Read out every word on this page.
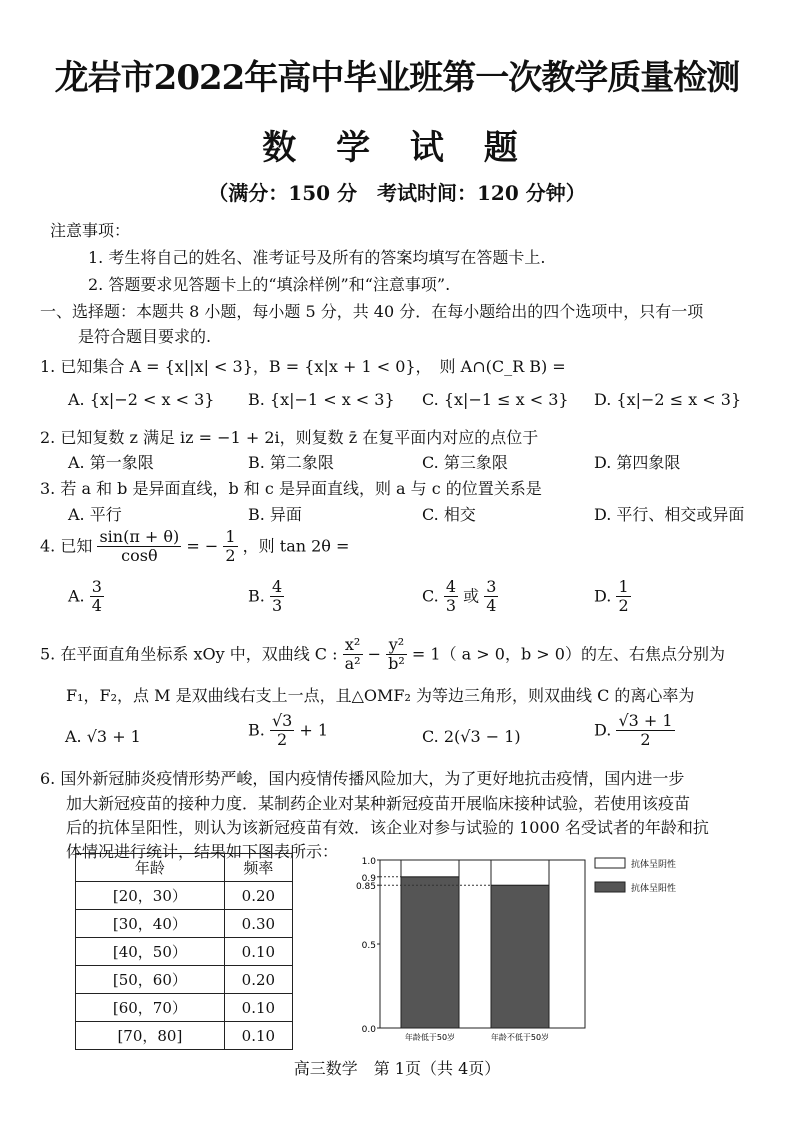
龙岩市2022年高中毕业班第一次教学质量检测
数 学 试 题
（满分：150 分　考试时间：120 分钟）
注意事项：
1. 考生将自己的姓名、准考证号及所有的答案均填写在答题卡上.
2. 答题要求见答题卡上的“填涂样例”和“注意事项”.
一、选择题：本题共 8 小题，每小题 5 分，共 40 分．在每小题给出的四个选项中，只有一项
是符合题目要求的.
1. 已知集合 A = {x||x| < 3}，B = {x|x + 1 < 0}，　则 A∩(C_R B) =
A. {x|−2 < x < 3} B. {x|−1 < x < 3} C. {x|−1 ≤ x < 3} D. {x|−2 ≤ x < 3}
2. 已知复数 z 满足 iz = −1 + 2i，则复数 z̄ 在复平面内对应的点位于
A. 第一象限	B. 第二象限	C. 第三象限	D. 第四象限
3. 若 a 和 b 是异面直线，b 和 c 是异面直线，则 a 与 c 的位置关系是
A. 平行	B. 异面	C. 相交	D. 平行、相交或异面
4. 已知 $\frac{\sin(\pi + \theta)}{\cos\theta}$ = − $\frac{1}{2}$ ，则 tan 2θ =
A. $\frac{3}{4}$	B. $\frac{4}{3}$	C. $\frac{4}{3}$ 或 $\frac{3}{4}$	D. $\frac{1}{2}$
5. 在平面直角坐标系 xOy 中，双曲线 C : $\frac{\text{x²}}{\text{a²}} - \frac{\text{y²}}{\text{b²}} = 1$（ a > 0，b > 0）的左、右焦点分别为
F₁，F₂，点 M 是双曲线右支上一点，且△OMF₂ 为等边三角形，则双曲线 C 的离心率为
A. √3 + 1	B. $\frac{√3}{2} + 1$	C. 2(√3 − 1)	D. $\frac{√3 + 1}{2}$
6. 国外新冠肺炎疫情形势严峻，国内疫情传播风险加大，为了更好地抗击疫情，国内进一步
加大新冠疫苗的接种力度．某制药企业对某种新冠疫苗开展临床接种试验，若使用该疫苗
后的抗体呈阳性，则认为该新冠疫苗有效．该企业对参与试验的 1000 名受试者的年龄和抗
体情况进行统计，结果如下图表所示：
年龄	频率
[20，30）	0.20
[30，40）	0.30
[40，50）	0.10
[50，60）	0.20
[60，70）	0.10
[70，80]	0.10	0.0
0.5
0.85
0.9
1.0
年龄低于50岁	年龄不低于50岁
抗体呈阴性
抗体呈阳性
高三数学　第 1页（共 4页）
